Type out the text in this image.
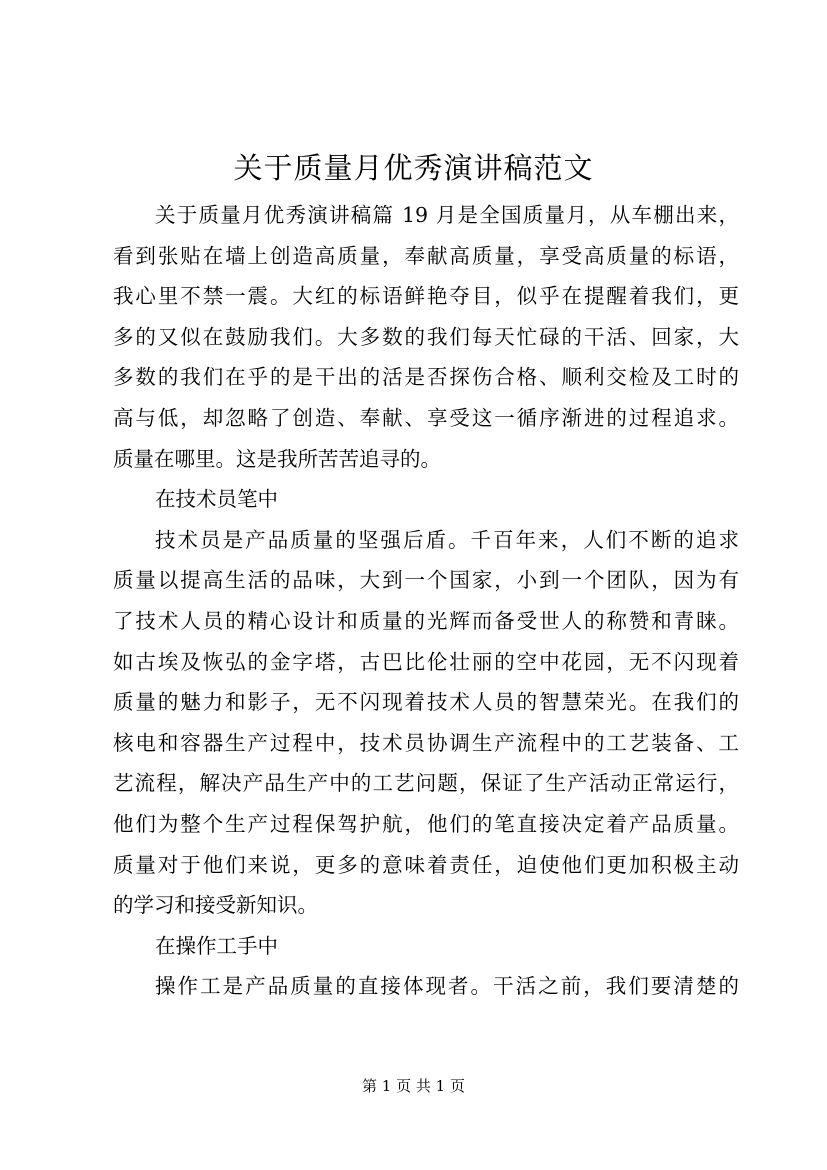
关于质量月优秀演讲稿范文
关于质量月优秀演讲稿篇 19 月是全国质量月，从车棚出来，
看到张贴在墙上创造高质量，奉献高质量，享受高质量的标语，
我心里不禁一震。大红的标语鲜艳夺目，似乎在提醒着我们，更
多的又似在鼓励我们。大多数的我们每天忙碌的干活、回家，大
多数的我们在乎的是干出的活是否探伤合格、顺利交检及工时的
高与低，却忽略了创造、奉献、享受这一循序渐进的过程追求。
质量在哪里。这是我所苦苦追寻的。
在技术员笔中
技术员是产品质量的坚强后盾。千百年来，人们不断的追求
质量以提高生活的品味，大到一个国家，小到一个团队，因为有
了技术人员的精心设计和质量的光辉而备受世人的称赞和青睐。
如古埃及恢弘的金字塔，古巴比伦壮丽的空中花园，无不闪现着
质量的魅力和影子，无不闪现着技术人员的智慧荣光。在我们的
核电和容器生产过程中，技术员协调生产流程中的工艺装备、工
艺流程，解决产品生产中的工艺问题，保证了生产活动正常运行，
他们为整个生产过程保驾护航，他们的笔直接决定着产品质量。
质量对于他们来说，更多的意味着责任，迫使他们更加积极主动
的学习和接受新知识。
在操作工手中
操作工是产品质量的直接体现者。干活之前，我们要清楚的
第 1 页 共 1 页
